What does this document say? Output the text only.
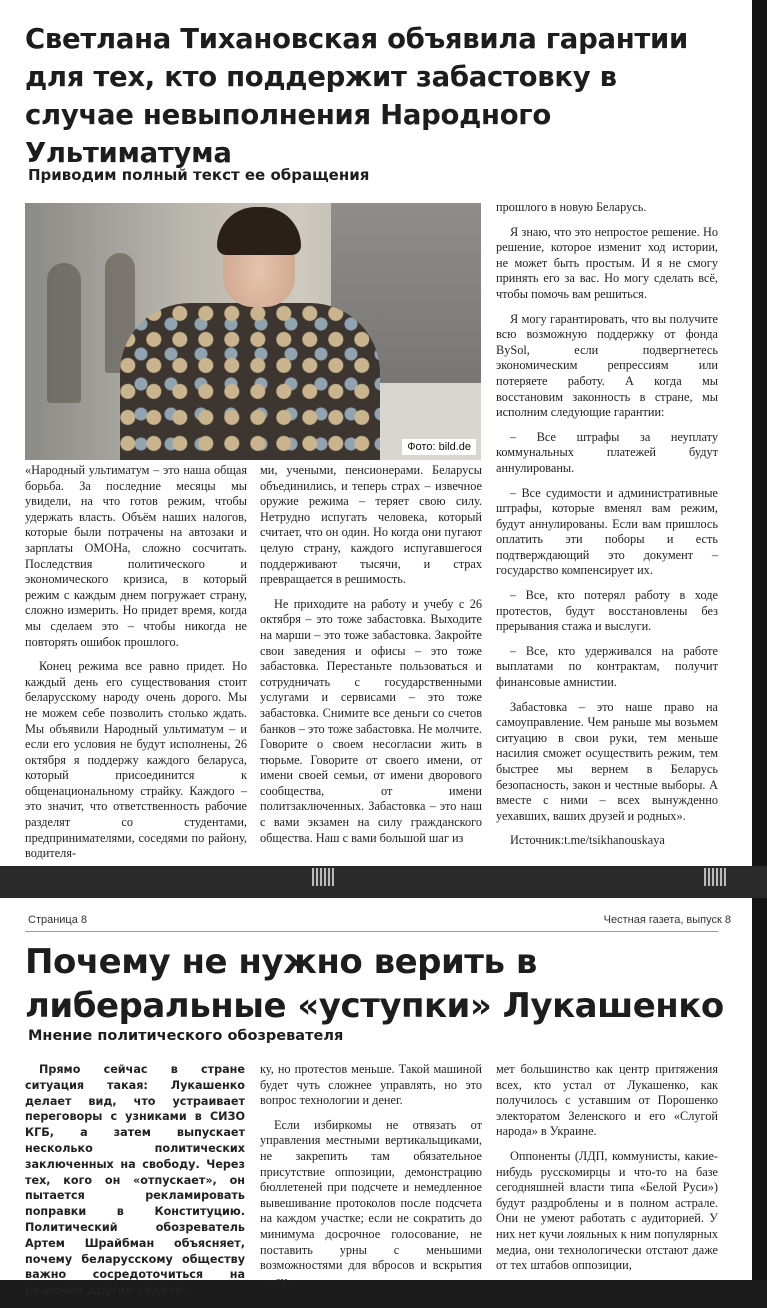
Светлана Тихановская объявила гарантии для тех, кто поддержит забастовку в случае невыполнения Народного Ультиматума
Приводим полный текст ее обращения
Фото: bild.de

«Народный ультиматум – это наша общая борьба. За последние месяцы мы увидели, на что готов режим, чтобы удержать власть. Объём наших налогов, которые были потрачены на автозаки и зарплаты ОМОНа, сложно сосчитать. Последствия политического и экономического кризиса, в который режим с каждым днем погружает страну, сложно измерить. Но придет время, когда мы сделаем это – чтобы никогда не повторять ошибок прошлого.

Конец режима все равно придет. Но каждый день его существования стоит беларусскому народу очень дорого. Мы не можем себе позволить столько ждать. Мы объявили Народный ультиматум – и если его условия не будут исполнены, 26 октября я поддержу каждого беларуса, который присоединится к общенациональному страйку. Каждого – это значит, что ответственность рабочие разделят со студентами, предпринимателями, соседями по району, водителя-

ми, учеными, пенсионерами. Беларусы объединились, и теперь страх – извечное оружие режима – теряет свою силу. Нетрудно испугать человека, который считает, что он один. Но когда они пугают целую страну, каждого испугавшегося поддерживают тысячи, и страх превращается в решимость.

Не приходите на работу и учебу с 26 октября – это тоже забастовка. Выходите на марши – это тоже забастовка. Закройте свои заведения и офисы – это тоже забастовка. Перестаньте пользоваться и сотрудничать с государственными услугами и сервисами – это тоже забастовка. Снимите все деньги со счетов банков – это тоже забастовка. Не молчите. Говорите о своем несогласии жить в тюрьме. Говорите от своего имени, от имени своей семьи, от имени дворового сообщества, от имени политзаключенных. Забастовка – это наш с вами экзамен на силу гражданского общества. Наш с вами большой шаг из

прошлого в новую Беларусь.

Я знаю, что это непростое решение. Но решение, которое изменит ход истории, не может быть простым. И я не смогу принять его за вас. Но могу сделать всё, чтобы помочь вам решиться.

Я могу гарантировать, что вы получите всю возможную поддержку от фонда BySol, если подвергнетесь экономическим репрессиям или потеряете работу. А когда мы восстановим законность в стране, мы исполним следующие гарантии:

– Все штрафы за неуплату коммунальных платежей будут аннулированы.

– Все судимости и административные штрафы, которые вменял вам режим, будут аннулированы. Если вам пришлось оплатить эти поборы и есть подтверждающий это документ – государство компенсирует их.

– Все, кто потерял работу в ходе протестов, будут восстановлены без прерывания стажа и выслуги.

– Все, кто удерживался на работе выплатами по контрактам, получит финансовые амнистии.

Забастовка – это наше право на самоуправление. Чем раньше мы возьмем ситуацию в свои руки, тем меньше насилия сможет осуществить режим, тем быстрее мы вернем в Беларусь безопасность, закон и честные выборы. А вместе с ними – всех вынужденно уехавших, ваших друзей и родных».

Источник:t.me/tsikhanouskaya

Страница 8	Честная газета, выпуск 8
Почему не нужно верить в либеральные «уступки» Лукашенко
Мнение политического обозревателя

Прямо сейчас в стране ситуация такая: Лукашенко делает вид, что устраивает переговоры с узниками в СИЗО КГБ, а затем выпускает несколько политических заключенных на свободу. Через тех, кого он «отпускает», он пытается рекламировать поправки в Конституцию. Политический обозреватель Артем Шрайбман объясняет, почему беларусскому обществу важно сосредоточиться на решении другой задачи.

ку, но протестов меньше. Такой машиной будет чуть сложнее управлять, но это вопрос технологии и денег.

Если избиркомы не отвязать от управления местными вертикальщиками, не закрепить там обязательное присутствие оппозиции, демонстрацию бюллетеней при подсчете и немедленное вывешивание протоколов после подсчета на каждом участке; если не сократить до минимума досрочное голосование, не поставить урны с меньшими возможностями для вбросов и вскрытия — си-

мет большинство как центр притяжения всех, кто устал от Лукашенко, как получилось с уставшим от Порошенко электоратом Зеленского и его «Слугой народа» в Украине.

Оппоненты (ЛДП, коммунисты, какие-нибудь русскомирцы и что-то на базе сегодняшней власти типа «Белой Руси») будут раздроблены и в полном астрале. Они не умеют работать с аудиторией. У них нет кучи лояльных к ним популярных медиа, они технологически отстают даже от тех штабов оппозиции,
